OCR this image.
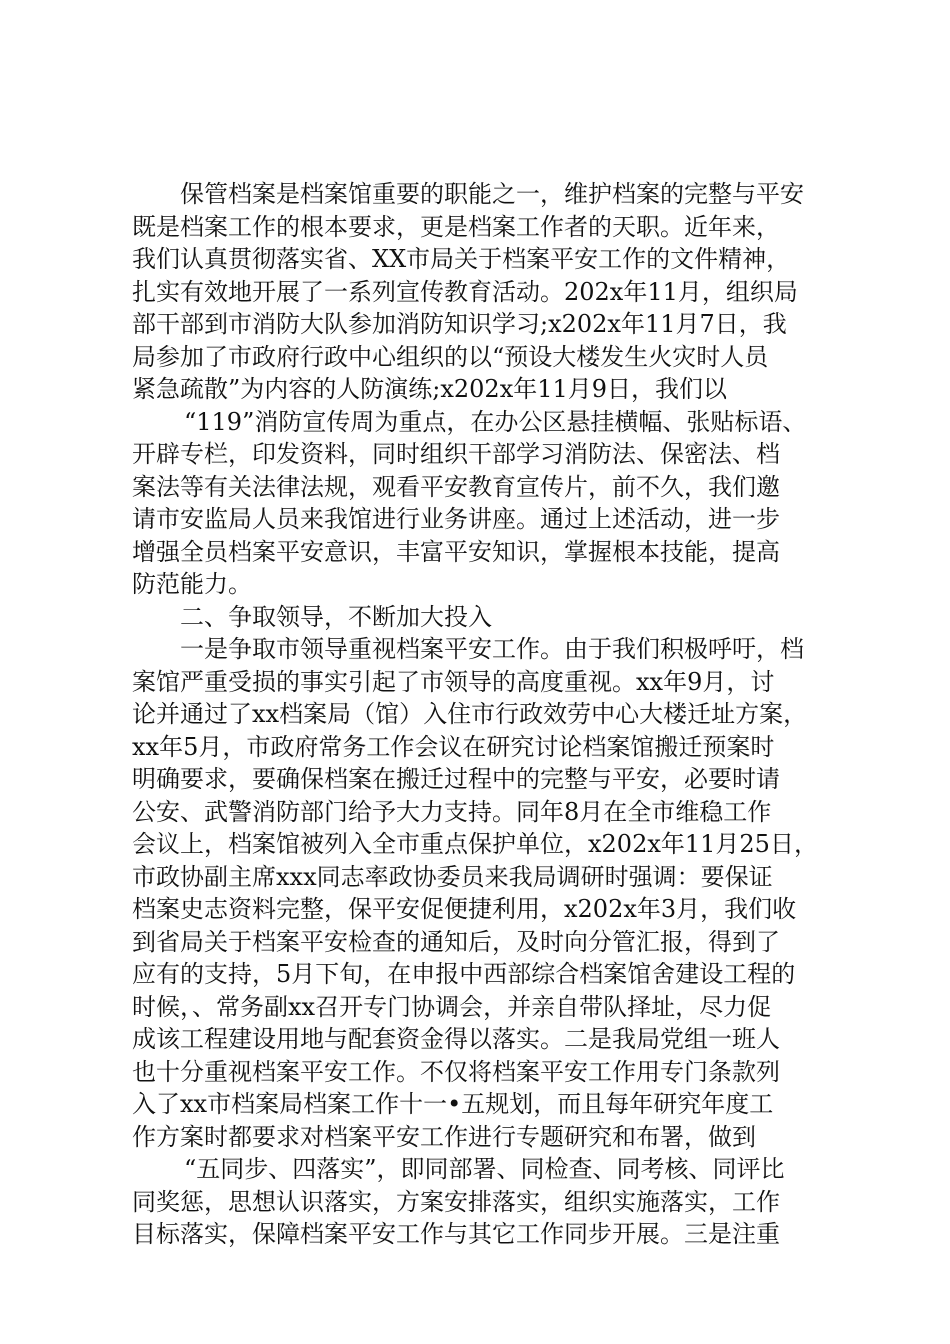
保管档案是档案馆重要的职能之一，维护档案的完整与平安
既是档案工作的根本要求，更是档案工作者的天职。近年来，
我们认真贯彻落实省、XX市局关于档案平安工作的文件精神，
扎实有效地开展了一系列宣传教育活动。202x年11月，组织局
部干部到市消防大队参加消防知识学习;x202x年11月7日，我
局参加了市政府行政中心组织的以“预设大楼发生火灾时人员
紧急疏散”为内容的人防演练;x202x年11月9日，我们以
“119”消防宣传周为重点，在办公区悬挂横幅、张贴标语、
开辟专栏，印发资料，同时组织干部学习消防法、保密法、档
案法等有关法律法规，观看平安教育宣传片，前不久，我们邀
请市安监局人员来我馆进行业务讲座。通过上述活动，进一步
增强全员档案平安意识，丰富平安知识，掌握根本技能，提高
防范能力。
二、争取领导，不断加大投入
一是争取市领导重视档案平安工作。由于我们积极呼吁，档
案馆严重受损的事实引起了市领导的高度重视。xx年9月，讨
论并通过了xx档案局（馆）入住市行政效劳中心大楼迁址方案，
xx年5月，市政府常务工作会议在研究讨论档案馆搬迁预案时
明确要求，要确保档案在搬迁过程中的完整与平安，必要时请
公安、武警消防部门给予大力支持。同年8月在全市维稳工作
会议上，档案馆被列入全市重点保护单位，x202x年11月25日，
市政协副主席xxx同志率政协委员来我局调研时强调：要保证
档案史志资料完整，保平安促便捷利用，x202x年3月，我们收
到省局关于档案平安检查的通知后，及时向分管汇报，得到了
应有的支持，5月下旬，在申报中西部综合档案馆舍建设工程的
时候，、常务副xx召开专门协调会，并亲自带队择址，尽力促
成该工程建设用地与配套资金得以落实。二是我局党组一班人
也十分重视档案平安工作。不仅将档案平安工作用专门条款列
入了xx市档案局档案工作十一•五规划，而且每年研究年度工
作方案时都要求对档案平安工作进行专题研究和布署，做到
“五同步、四落实”，即同部署、同检查、同考核、同评比
同奖惩，思想认识落实，方案安排落实，组织实施落实，工作
目标落实，保障档案平安工作与其它工作同步开展。三是注重
